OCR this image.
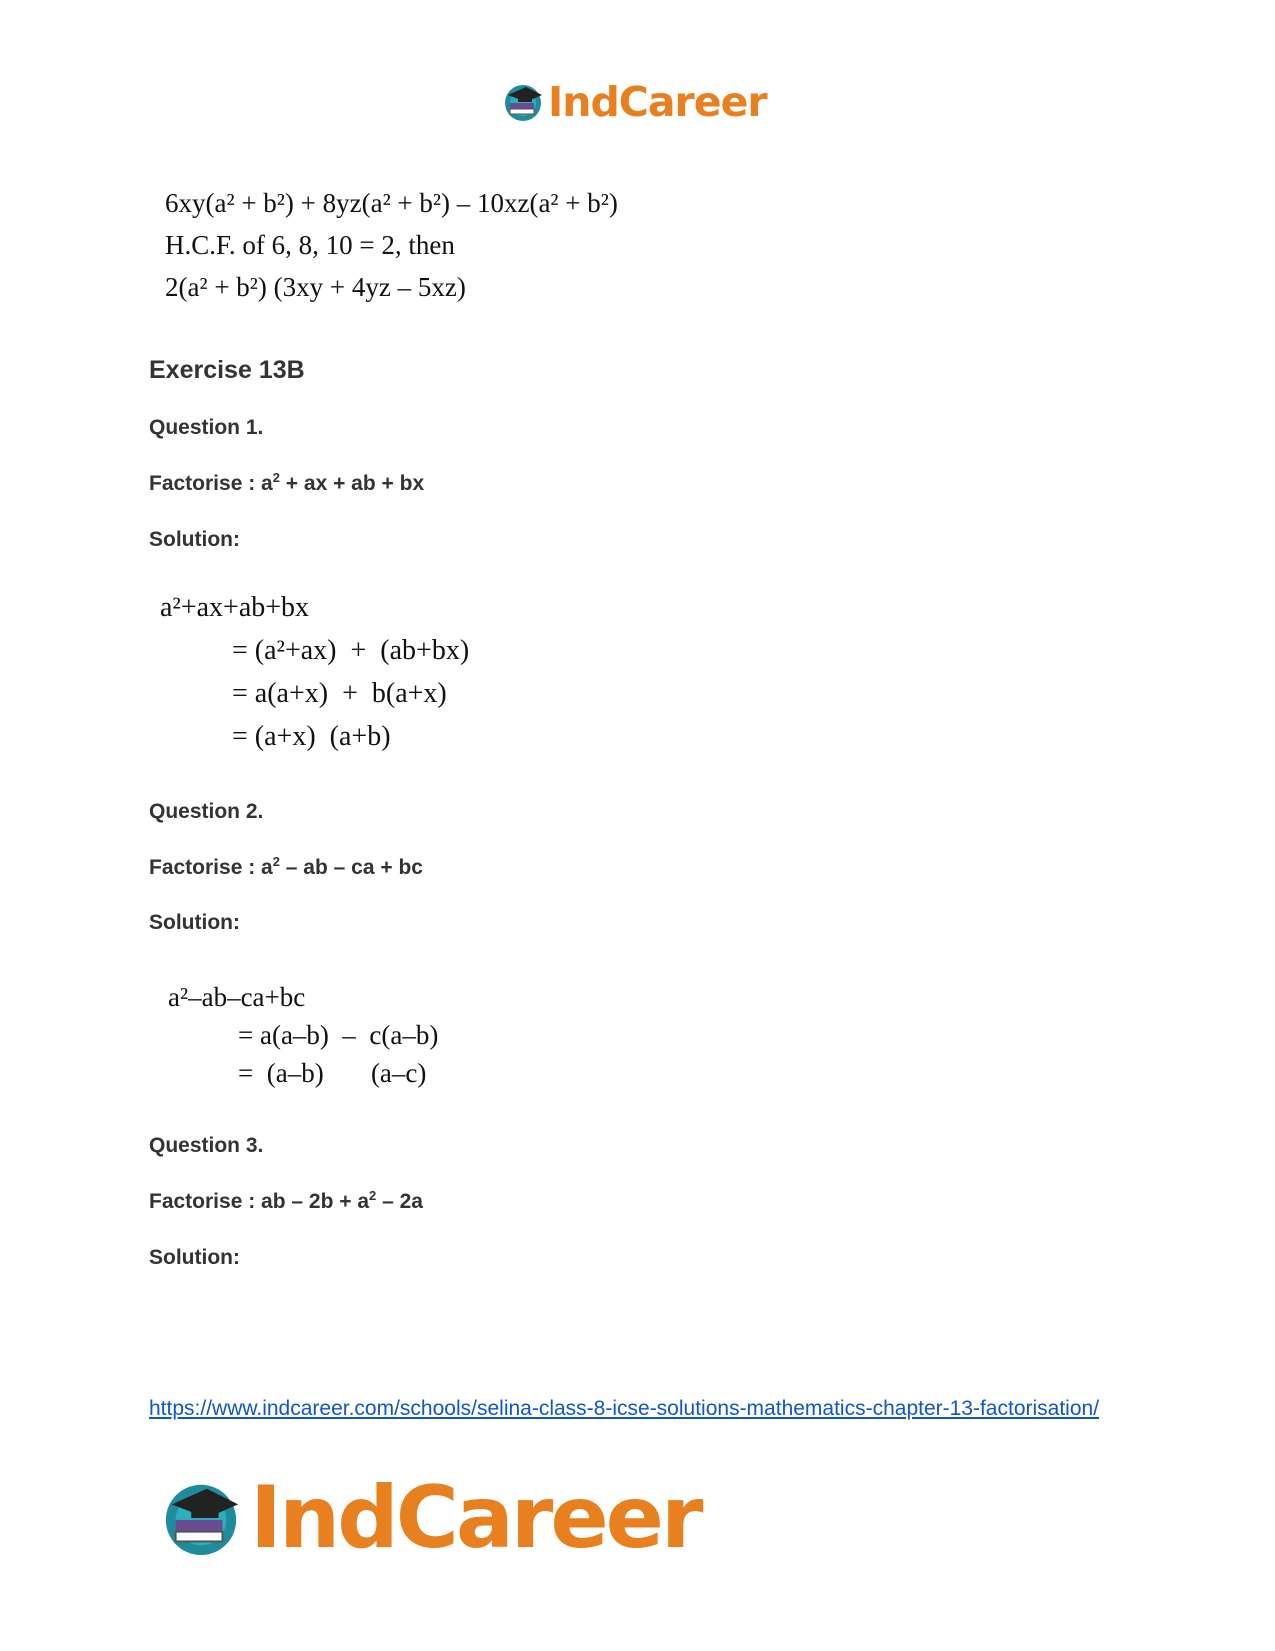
IndCareer
6xy(a² + b²) + 8yz(a² + b²) – 10xz(a² + b²)
H.C.F. of 6, 8, 10 = 2, then
2(a² + b²) (3xy + 4yz – 5xz)
Exercise 13B
Question 1.
Factorise : $a^2$ + ax + ab + bx
Solution:
a²+ax+ab+bx
= (a²+ax)  +  (ab+bx)
= a(a+x)  +  b(a+x)
= (a+x)  (a+b)
Question 2.
Factorise : $a^2$ – ab – ca + bc
Solution:
a²–ab–ca+bc
= a(a–b)  –  c(a–b)
=  (a–b)       (a–c)
Question 3.
Factorise : ab – $2b + a^2 - 2a$
Solution:
https://www.indcareer.com/schools/selina-class-8-icse-solutions-mathematics-chapter-13-factorisation/
IndCareer
